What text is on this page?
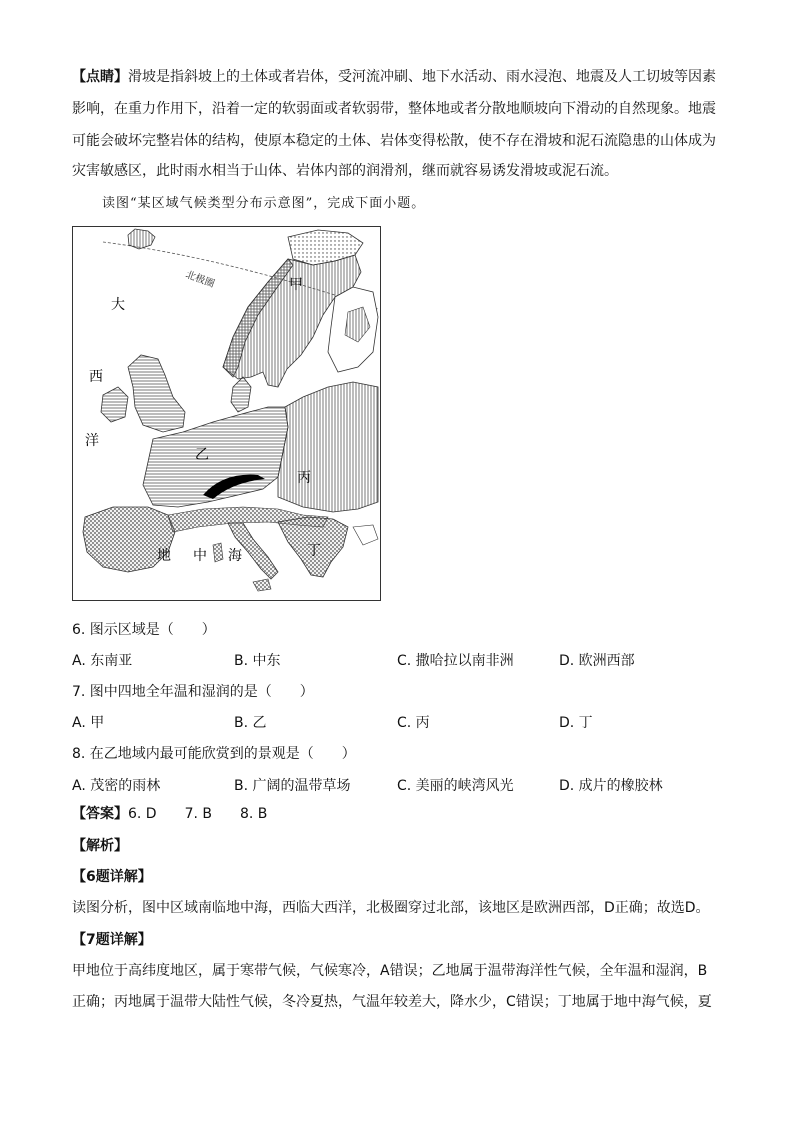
【点睛】滑坡是指斜坡上的土体或者岩体，受河流冲刷、地下水活动、雨水浸泡、地震及人工切坡等因素
影响，在重力作用下，沿着一定的软弱面或者软弱带，整体地或者分散地顺坡向下滑动的自然现象。地震
可能会破坏完整岩体的结构，使原本稳定的土体、岩体变得松散，使不存在滑坡和泥石流隐患的山体成为
灾害敏感区，此时雨水相当于山体、岩体内部的润滑剂，继而就容易诱发滑坡或泥石流。
读图“某区域气候类型分布示意图”，完成下面小题。
北极圈
大
西
洋
地 中 海
甲
乙
丙
丁
6. 图示区域是（　　）
A. 东南亚	B. 中东	C. 撒哈拉以南非洲	D. 欧洲西部
7. 图中四地全年温和湿润的是（　　）
A. 甲	B. 乙	C. 丙	D. 丁
8. 在乙地域内最可能欣赏到的景观是（　　）
A. 茂密的雨林	B. 广阔的温带草场	C. 美丽的峡湾风光	D. 成片的橡胶林
【答案】6. D　　7. B　　8. B
【解析】
【6题详解】
读图分析，图中区域南临地中海，西临大西洋，北极圈穿过北部，该地区是欧洲西部，D正确；故选D。
【7题详解】
甲地位于高纬度地区，属于寒带气候，气候寒冷，A错误；乙地属于温带海洋性气候，全年温和湿润，B
正确；丙地属于温带大陆性气候，冬冷夏热，气温年较差大，降水少，C错误；丁地属于地中海气候，夏
